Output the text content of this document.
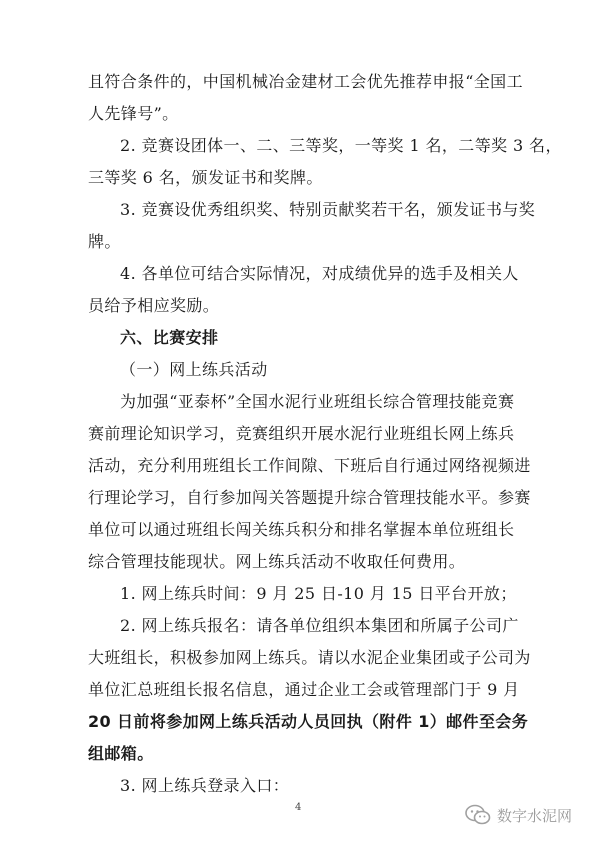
且符合条件的，中国机械冶金建材工会优先推荐申报“全国工
人先锋号”。
2. 竞赛设团体一、二、三等奖，一等奖 1 名，二等奖 3 名，
三等奖 6 名，颁发证书和奖牌。
3. 竞赛设优秀组织奖、特别贡献奖若干名，颁发证书与奖
牌。
4. 各单位可结合实际情况，对成绩优异的选手及相关人
员给予相应奖励。
六、比赛安排
（一）网上练兵活动
为加强“亚泰杯”全国水泥行业班组长综合管理技能竞赛
赛前理论知识学习，竞赛组织开展水泥行业班组长网上练兵
活动，充分利用班组长工作间隙、下班后自行通过网络视频进
行理论学习，自行参加闯关答题提升综合管理技能水平。参赛
单位可以通过班组长闯关练兵积分和排名掌握本单位班组长
综合管理技能现状。网上练兵活动不收取任何费用。
1. 网上练兵时间：9 月 25 日-10 月 15 日平台开放；
2. 网上练兵报名：请各单位组织本集团和所属子公司广
大班组长，积极参加网上练兵。请以水泥企业集团或子公司为
单位汇总班组长报名信息，通过企业工会或管理部门于 9 月
20 日前将参加网上练兵活动人员回执（附件 1）邮件至会务
组邮箱。
3. 网上练兵登录入口：
4	数字水泥网
